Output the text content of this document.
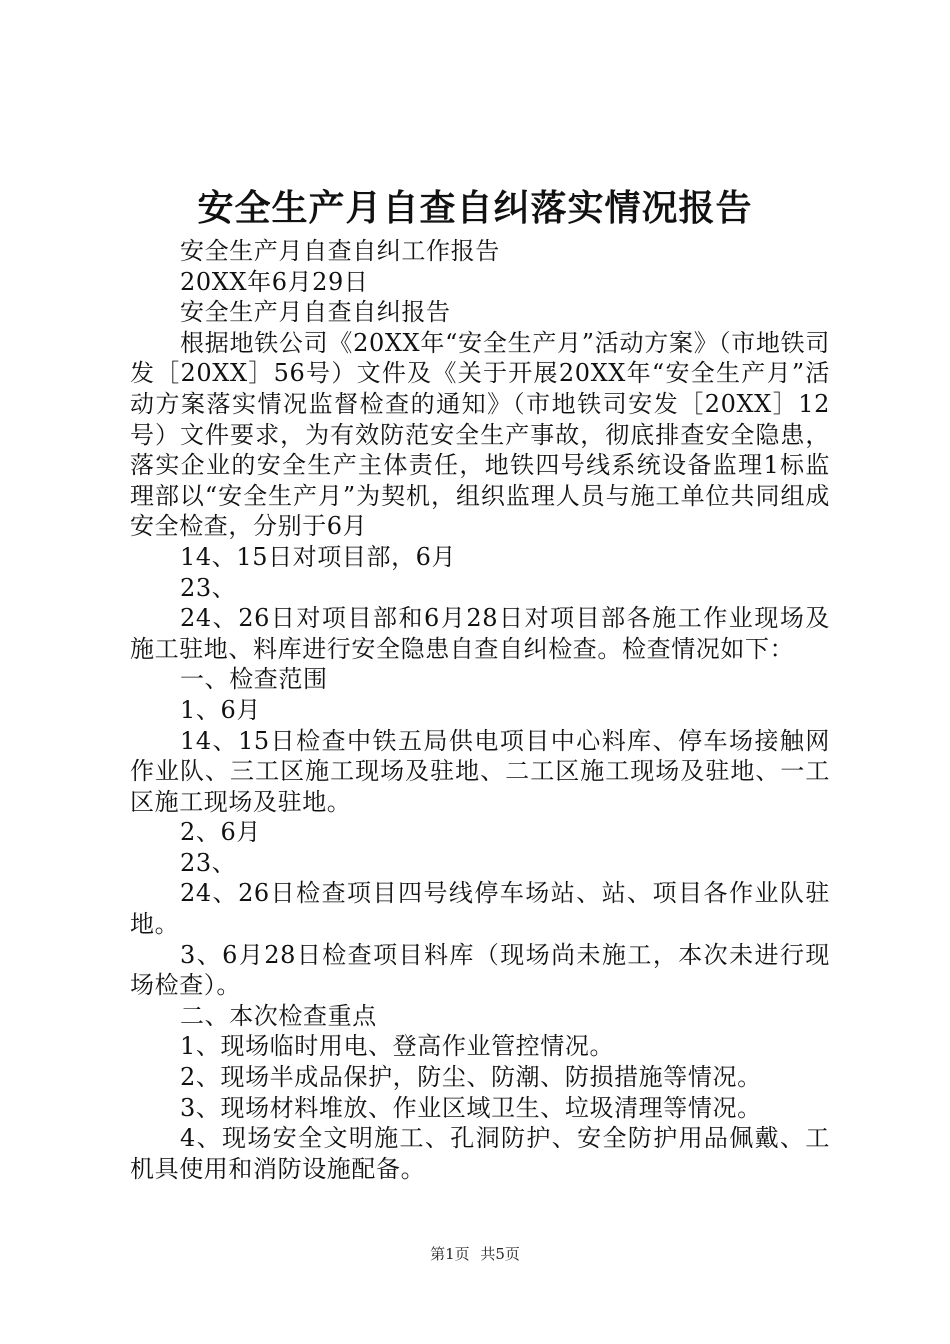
安全生产月自查自纠落实情况报告

安全生产月自查自纠工作报告

20XX年6月29日

安全生产月自查自纠报告

根据地铁公司《20XX年“安全生产月”活动方案》（市地铁司发［20XX］56号）文件及《关于开展20XX年“安全生产月”活动方案落实情况监督检查的通知》（市地铁司安发［20XX］12号）文件要求，为有效防范安全生产事故，彻底排查安全隐患，落实企业的安全生产主体责任，地铁四号线系统设备监理1标监理部以“安全生产月”为契机，组织监理人员与施工单位共同组成安全检查，分别于6月

14、15日对项目部，6月

23、

24、26日对项目部和6月28日对项目部各施工作业现场及施工驻地、料库进行安全隐患自查自纠检查。检查情况如下：

一、检查范围

1、6月

14、15日检查中铁五局供电项目中心料库、停车场接触网作业队、三工区施工现场及驻地、二工区施工现场及驻地、一工区施工现场及驻地。

2、6月

23、

24、26日检查项目四号线停车场站、站、项目各作业队驻地。

3、6月28日检查项目料库（现场尚未施工，本次未进行现场检查）。

二、本次检查重点

1、现场临时用电、登高作业管控情况。

2、现场半成品保护，防尘、防潮、防损措施等情况。

3、现场材料堆放、作业区域卫生、垃圾清理等情况。

4、现场安全文明施工、孔洞防护、安全防护用品佩戴、工机具使用和消防设施配备。

第1页 共5页
